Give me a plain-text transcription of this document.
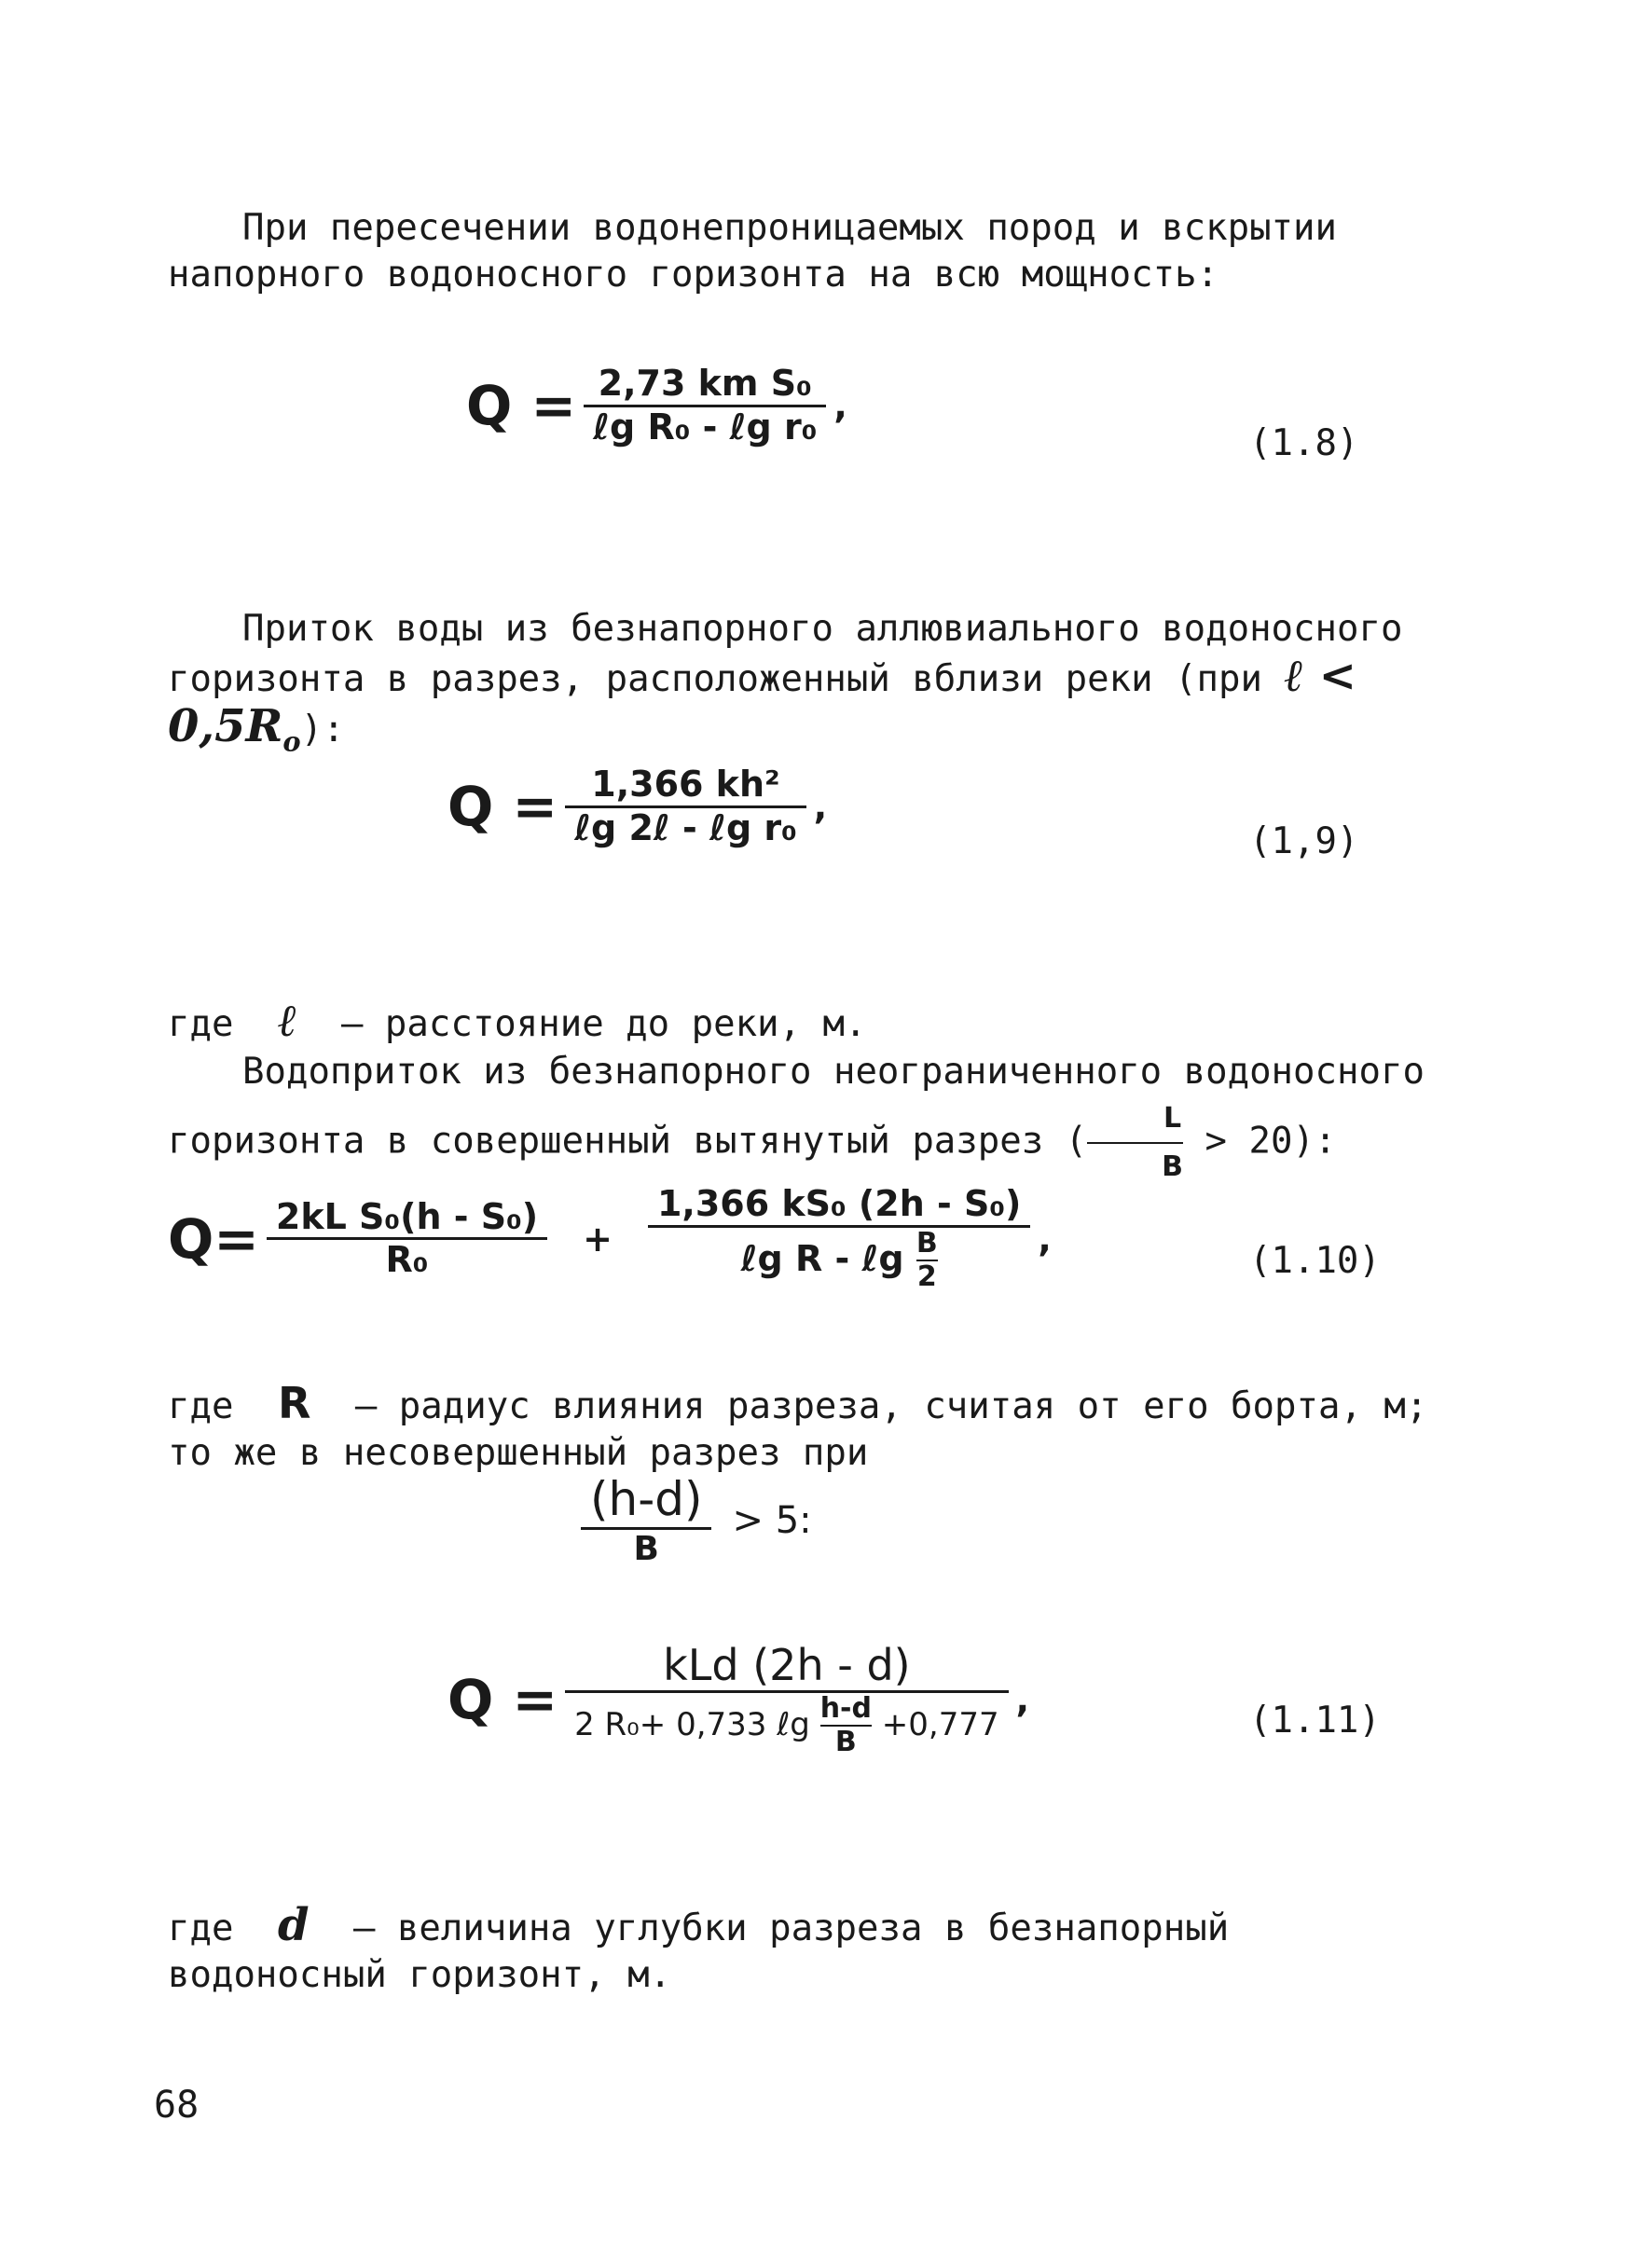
При пересечении водонепроницаемых пород и вскрытии напорного водоносного горизонта на всю мощность:

$Q = \frac{\text{2,73 km S₀}}{\text{ℓg R₀ - ℓg r₀}}$ ,
(1.8)

Приток воды из безнапорного аллювиального водоносного горизонта в разрез, расположенный вблизи реки (при ℓ < $0,5R_o$):

$Q = \frac{\text{1,366 kh²}}{\text{ℓg 2ℓ - ℓg r₀}}$ ,
(1,9)

где ℓ – расстояние до реки, м.

Водоприток из безнапорного неограниченного водоносного горизонта в совершенный вытянутый разрез ( $\frac{L}{B} > 20$):

$Q= \frac{\text{2kL S₀(h - S₀)}}{\text{R₀}} + \frac{\text{1,366 kS₀ (2h - S₀)}}{\ell g R - \ell g \frac{B}{2}}$ ,
(1.10)

где R – радиус влияния разреза, считая от его борта, м; то же в несовершенный разрез при

$\frac{(h-d)}{B} > 5$:
$Q = \frac{\text{kLd (2h - d)}}{2 R_0+ 0,733 \ell g \frac{h-d}{B} +0,777}$ ,	(1.11)

где d – величина углубки разреза в безнапорный водоносный горизонт, м.

68
